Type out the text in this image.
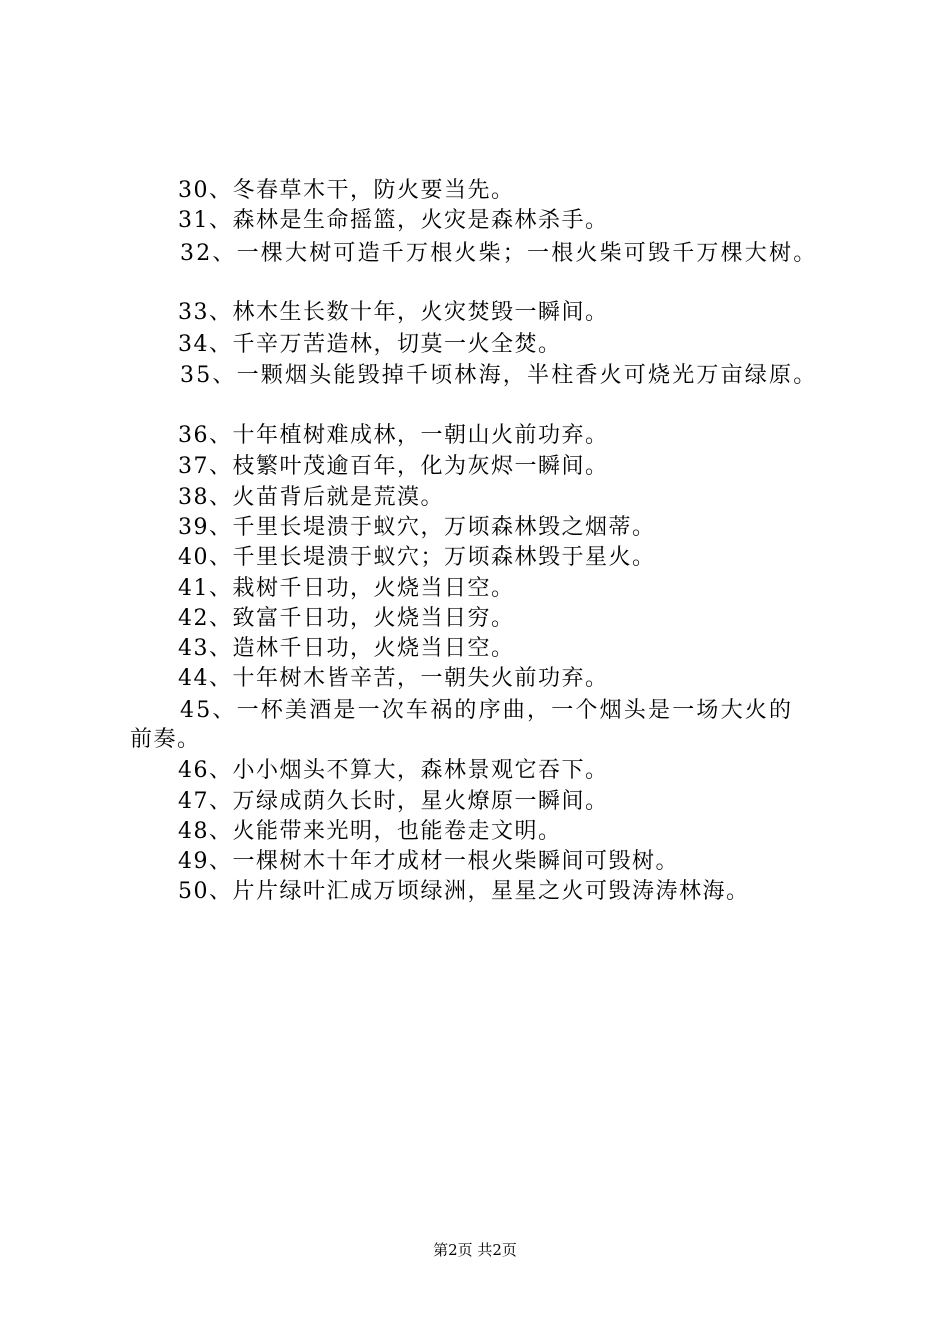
30、冬春草木干，防火要当先。
31、森林是生命摇篮，火灾是森林杀手。
32、一棵大树可造千万根火柴；一根火柴可毁千万棵大树。
33、林木生长数十年，火灾焚毁一瞬间。
34、千辛万苦造林，切莫一火全焚。
35、一颗烟头能毁掉千顷林海，半柱香火可烧光万亩绿原。
36、十年植树难成林，一朝山火前功弃。
37、枝繁叶茂逾百年，化为灰烬一瞬间。
38、火苗背后就是荒漠。
39、千里长堤溃于蚁穴，万顷森林毁之烟蒂。
40、千里长堤溃于蚁穴；万顷森林毁于星火。
41、栽树千日功，火烧当日空。
42、致富千日功，火烧当日穷。
43、造林千日功，火烧当日空。
44、十年树木皆辛苦，一朝失火前功弃。
45、一杯美酒是一次车祸的序曲，一个烟头是一场大火的
前奏。
46、小小烟头不算大，森林景观它吞下。
47、万绿成荫久长时，星火燎原一瞬间。
48、火能带来光明，也能卷走文明。
49、一棵树木十年才成材一根火柴瞬间可毁树。
50、片片绿叶汇成万顷绿洲，星星之火可毁涛涛林海。
第2页 共2页
